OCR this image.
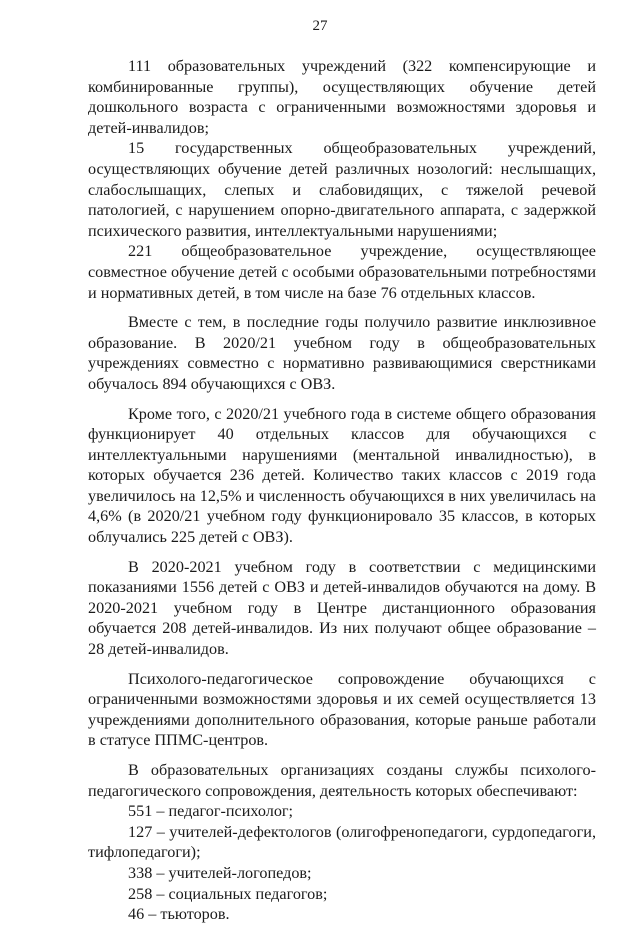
27

111 образовательных учреждений (322 компенсирующие и комбинированные группы), осуществляющих обучение детей дошкольного возраста с ограниченными возможностями здоровья и детей-инвалидов;

15 государственных общеобразовательных учреждений, осуществляющих обучение детей различных нозологий: неслышащих, слабослышащих, слепых и слабовидящих, с тяжелой речевой патологией, с нарушением опорно-двигательного аппарата, с задержкой психического развития, интеллектуальными нарушениями;

221 общеобразовательное учреждение, осуществляющее совместное обучение детей с особыми образовательными потребностями и нормативных детей, в том числе на базе 76 отдельных классов.

Вместе с тем, в последние годы получило развитие инклюзивное образование. В 2020/21 учебном году в общеобразовательных учреждениях совместно с нормативно развивающимися сверстниками обучалось 894 обучающихся с ОВЗ.

Кроме того, с 2020/21 учебного года в системе общего образования функционирует 40 отдельных классов для обучающихся с интеллектуальными нарушениями (ментальной инвалидностью), в которых обучается 236 детей. Количество таких классов с 2019 года увеличилось на 12,5% и численность обучающихся в них увеличилась на 4,6% (в 2020/21 учебном году функционировало 35 классов, в которых облучались 225 детей с ОВЗ).

В 2020-2021 учебном году в соответствии с медицинскими показаниями 1556 детей с ОВЗ и детей-инвалидов обучаются на дому. В 2020-2021 учебном году в Центре дистанционного образования обучается 208 детей-инвалидов. Из них получают общее образование – 28 детей-инвалидов.

Психолого-педагогическое сопровождение обучающихся с ограниченными возможностями здоровья и их семей осуществляется 13 учреждениями дополнительного образования, которые раньше работали в статусе ППМС-центров.

В образовательных организациях созданы службы психолого-педагогического сопровождения, деятельность которых обеспечивают:

551 – педагог-психолог;

127 – учителей-дефектологов (олигофренопедагоги, сурдопедагоги, тифлопедагоги);

338 – учителей-логопедов;

258 – социальных педагогов;

46 – тьюторов.
